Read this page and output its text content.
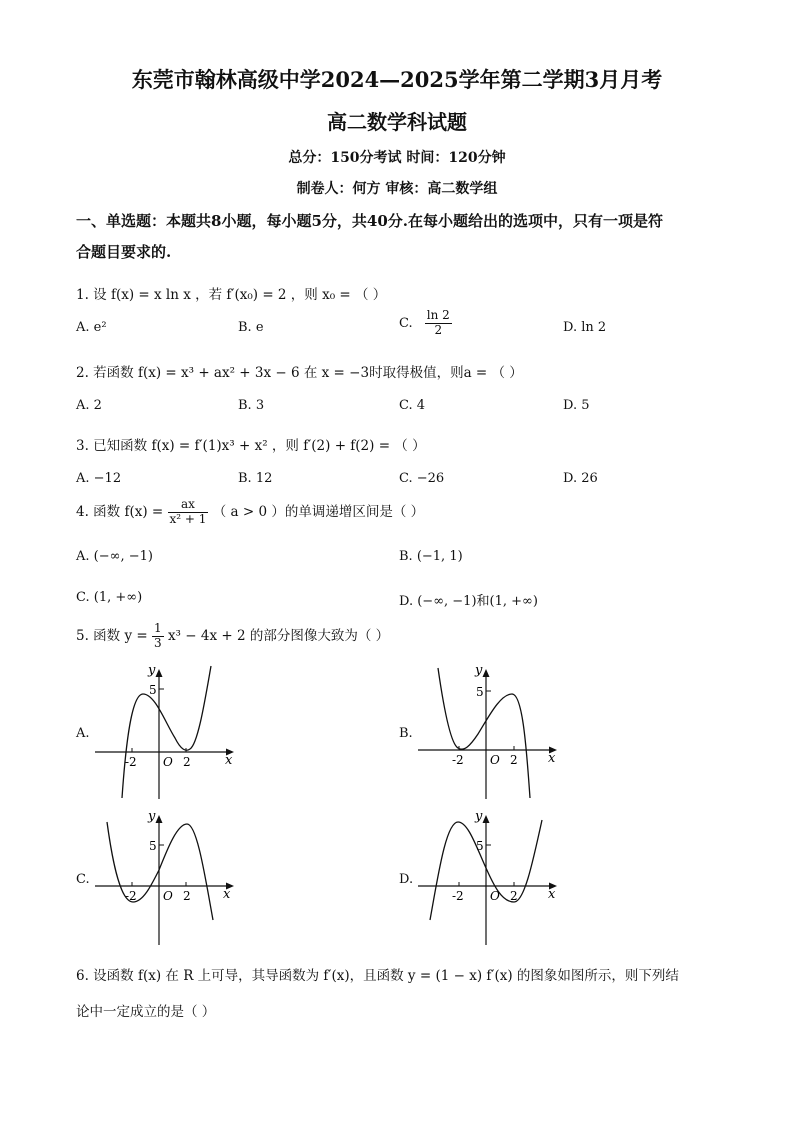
东莞市翰林高级中学2024—2025学年第二学期3月月考
高二数学科试题
总分：150分考试 时间：120分钟
制卷人：何方 审核：高二数学组
一、单选题：本题共8小题，每小题5分，共40分.在每小题给出的选项中，只有一项是符
合题目要求的.
1. 设 f(x) = x ln x ，若 f′(x₀) = 2 ，则 x₀ = （ ）
A. e²	B. e	C. $\frac{\ln 2}{2}$	D. ln 2
2. 若函数 f(x) = x³ + ax² + 3x − 6 在 x = −3时取得极值，则a = （ ）
A. 2	B. 3	C. 4	D. 5
3. 已知函数 f(x) = f′(1)x³ + x² ，则 f′(2) + f(2) = （ ）
A. −12	B. 12	C. −26	D. 26
4. 函数 $f(x) = \frac{ax}{\text{x² + 1}}$ （ a > 0 ）的单调递增区间是（ ）
A. (−∞, −1)	B. (−1, 1)
C. (1, +∞)	D. (−∞, −1)和(1, +∞)
5. 函数 $y = \frac{1}{3} x^3 - 4x + 2$ 的部分图像大致为（ ）
A.	B.
C.	D.
y
x
5
-2 O 2
y
x
5
-2 O 2
y
x
5
-2 O 2
y
x
5
-2 O 2
6. 设函数 f(x) 在 R 上可导，其导函数为 f′(x)，且函数 y = (1 − x) f′(x) 的图象如图所示，则下列结
论中一定成立的是（ ）
